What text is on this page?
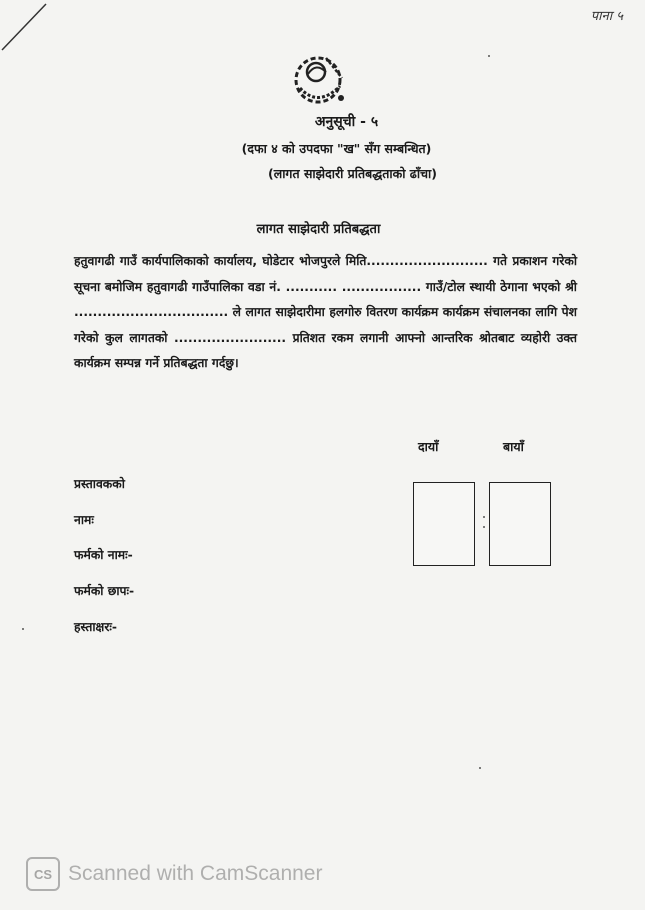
पाना ५
अनुसूची - ५
(दफा ४ को उपदफा "ख" सँग सम्बन्धित)
(लागत साझेदारी प्रतिबद्धताको ढाँचा)
लागत साझेदारी प्रतिबद्धता
हतुवागढी गाउँ कार्यपालिकाको कार्यालय, घोडेटार भोजपुरले मिति.......................... गते प्रकाशन गरेको सूचना बमोजिम हतुवागढी गाउँपालिका वडा नं. ........... ................. गाउँ/टोल स्थायी ठेगाना भएको श्री ................................. ले लागत साझेदारीमा हलगोरु वितरण कार्यक्रम कार्यक्रम संचालनका लागि पेश गरेको कुल लागतको ........................ प्रतिशत रकम लगानी आफ्नो आन्तरिक श्रोतबाट व्यहोरी उक्त कार्यक्रम सम्पन्न गर्ने प्रतिबद्धता गर्दछु।
दायाँ	बायाँ
प्रस्तावकको
नामः
फर्मको नामः-
फर्मको छापः-
हस्ताक्षरः-
CS Scanned with CamScanner
